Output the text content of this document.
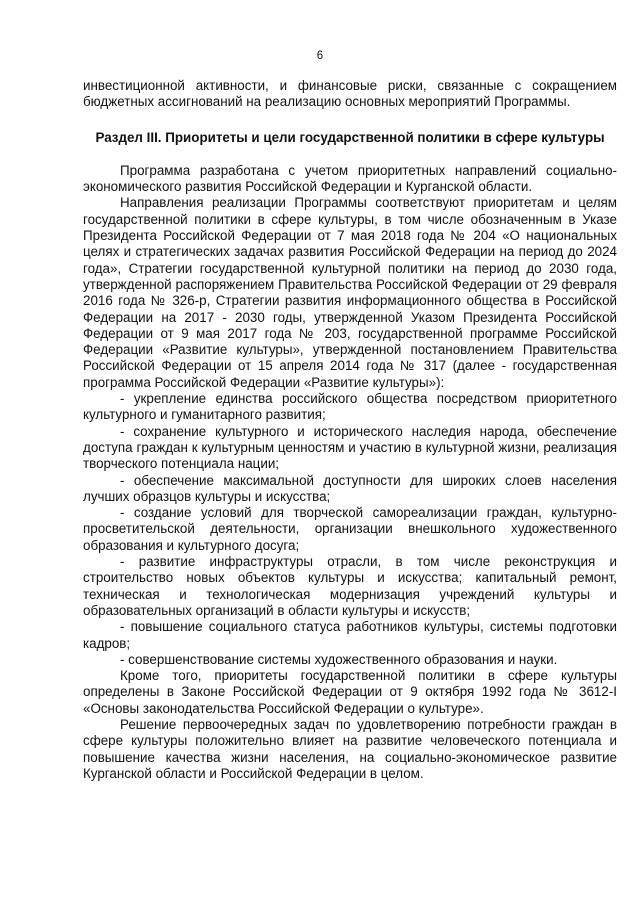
6

инвестиционной активности, и финансовые риски, связанные с сокращением бюджетных ассигнований на реализацию основных мероприятий Программы.

Раздел III. Приоритеты и цели государственной политики в сфере культуры

Программа разработана с учетом приоритетных направлений социально-экономического развития Российской Федерации и Курганской области.

Направления реализации Программы соответствуют приоритетам и целям государственной политики в сфере культуры, в том числе обозначенным в Указе Президента Российской Федерации от 7 мая 2018 года № 204 «О национальных целях и стратегических задачах развития Российской Федерации на период до 2024 года», Стратегии государственной культурной политики на период до 2030 года, утвержденной распоряжением Правительства Российской Федерации от 29 февраля 2016 года № 326-р, Стратегии развития информационного общества в Российской Федерации на 2017 - 2030 годы, утвержденной Указом Президента Российской Федерации от 9 мая 2017 года № 203, государственной программе Российской Федерации «Развитие культуры», утвержденной постановлением Правительства Российской Федерации от 15 апреля 2014 года № 317 (далее - государственная программа Российской Федерации «Развитие культуры»):

- укрепление единства российского общества посредством приоритетного культурного и гуманитарного развития;

- сохранение культурного и исторического наследия народа, обеспечение доступа граждан к культурным ценностям и участию в культурной жизни, реализация творческого потенциала нации;

- обеспечение максимальной доступности для широких слоев населения лучших образцов культуры и искусства;

- создание условий для творческой самореализации граждан, культурно-просветительской деятельности, организации внешкольного художественного образования и культурного досуга;

- развитие инфраструктуры отрасли, в том числе реконструкция и строительство новых объектов культуры и искусства; капитальный ремонт, техническая и технологическая модернизация учреждений культуры и образовательных организаций в области культуры и искусств;

- повышение социального статуса работников культуры, системы подготовки кадров;

- совершенствование системы художественного образования и науки.

Кроме того, приоритеты государственной политики в сфере культуры определены в Законе Российской Федерации от 9 октября 1992 года № 3612-I «Основы законодательства Российской Федерации о культуре».

Решение первоочередных задач по удовлетворению потребности граждан в сфере культуры положительно влияет на развитие человеческого потенциала и повышение качества жизни населения, на социально-экономическое развитие Курганской области и Российской Федерации в целом.
